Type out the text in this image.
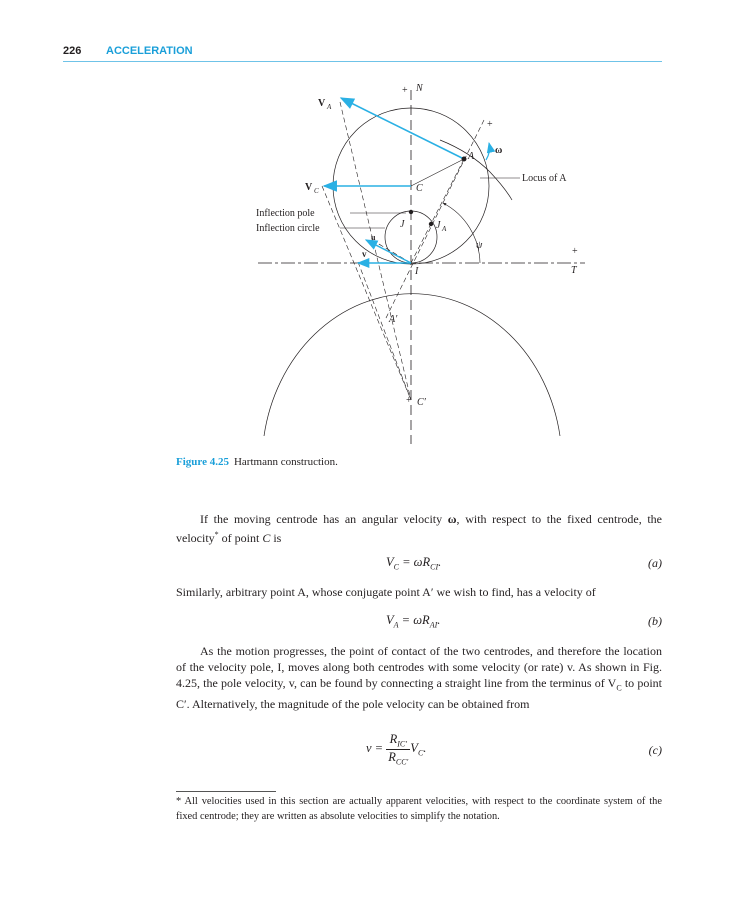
226 ACCELERATION
+ N
V A
+
A
ω
Locus of A
V C	C
Inflection pole
Inflection circle	J	J A
u
v
ψ
I
+
T
A′
+ C′
Figure 4.25 Hartmann construction.
If the moving centrode has an angular velocity ω, with respect to the fixed centrode, the velocity* of point C is
$V_C = \omega R_{CI}$.	(a)
Similarly, arbitrary point A, whose conjugate point A′ we wish to find, has a velocity of
$V_A = \omega R_{AI}$.	(b)
As the motion progresses, the point of contact of the two centrodes, and therefore the location of the velocity pole, I, moves along both centrodes with some velocity (or rate) v. As shown in Fig. 4.25, the pole velocity, v, can be found by connecting a straight line from the terminus of $V_C$ to point C′. Alternatively, the magnitude of the pole velocity can be obtained from
$v = \frac{R_{IC'}}{R_{CC'}} V_C$.	(c)
* All velocities used in this section are actually apparent velocities, with respect to the coordinate system of the fixed centrode; they are written as absolute velocities to simplify the notation.
